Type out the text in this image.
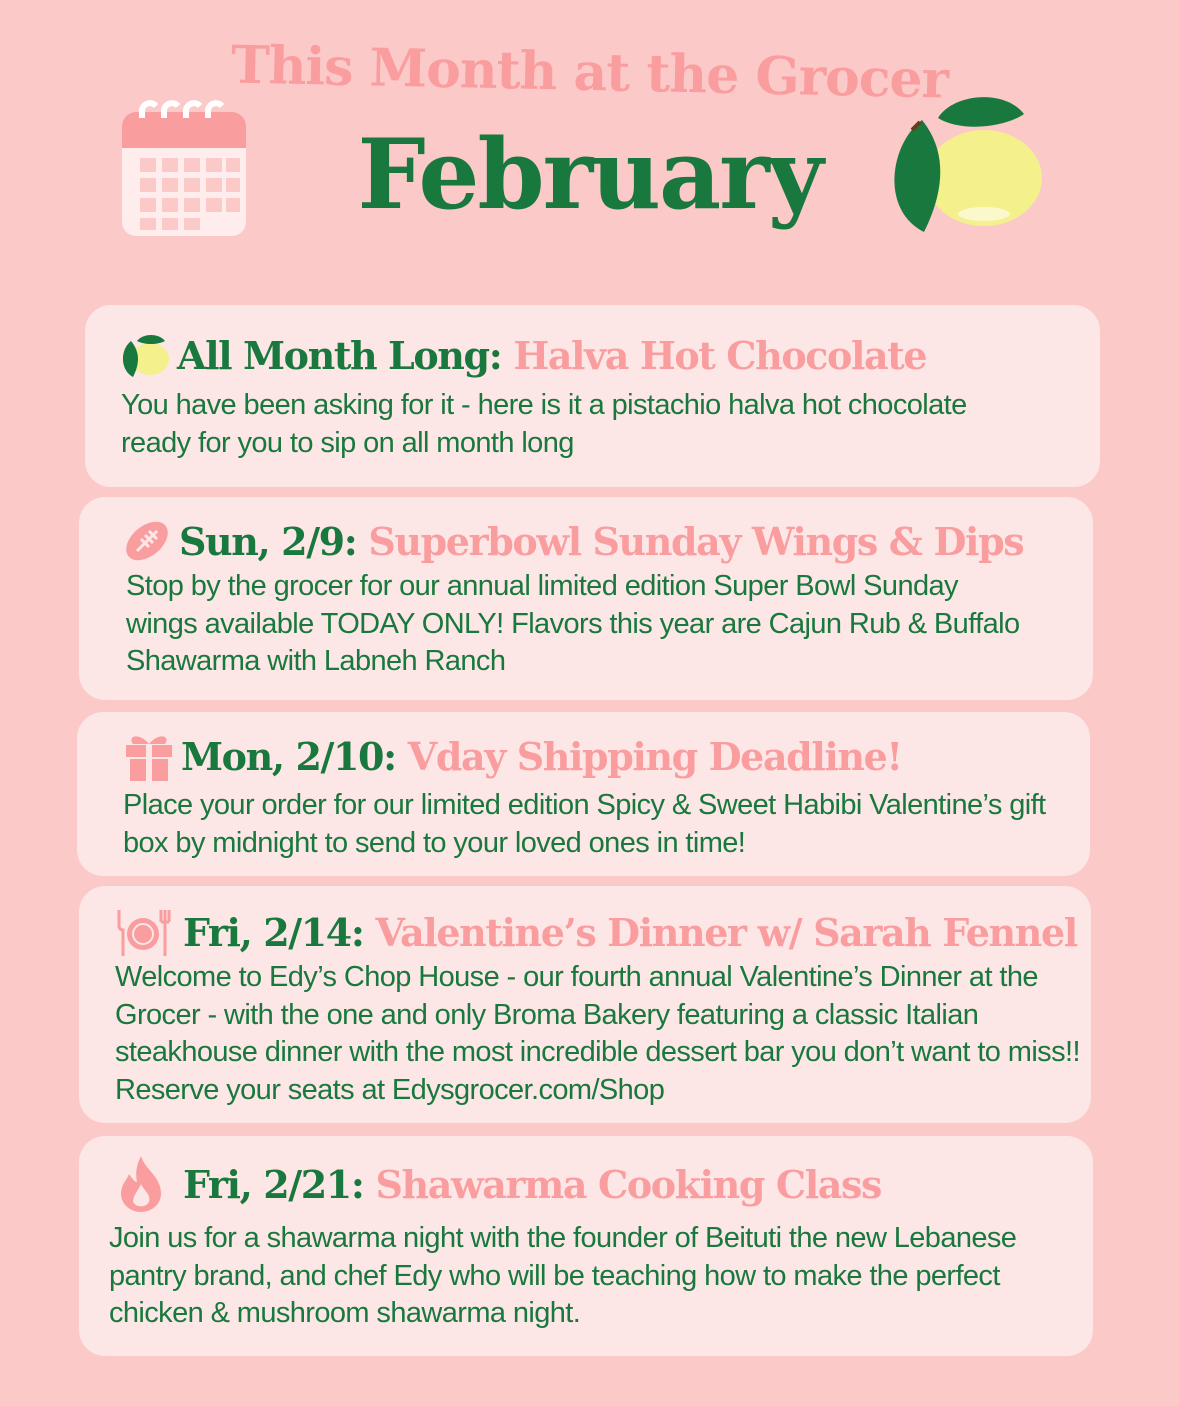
This Month at the Grocer
February
All Month Long: Halva Hot Chocolate
You have been asking for it - here is it a pistachio halva hot chocolate ready for you to sip on all month long
Sun, 2/9: Superbowl Sunday Wings & Dips
Stop by the grocer for our annual limited edition Super Bowl Sunday wings available TODAY ONLY! Flavors this year are Cajun Rub & Buffalo Shawarma with Labneh Ranch
Mon, 2/10: Vday Shipping Deadline!
Place your order for our limited edition Spicy & Sweet Habibi Valentine’s gift box by midnight to send to your loved ones in time!
Fri, 2/14: Valentine’s Dinner w/ Sarah Fennel
Welcome to Edy’s Chop House - our fourth annual Valentine’s Dinner at the Grocer - with the one and only Broma Bakery featuring a classic Italian steakhouse dinner with the most incredible dessert bar you don’t want to miss!! Reserve your seats at Edysgrocer.com/Shop
Fri, 2/21: Shawarma Cooking Class
Join us for a shawarma night with the founder of Beituti the new Lebanese pantry brand, and chef Edy who will be teaching how to make the perfect chicken & mushroom shawarma night.
